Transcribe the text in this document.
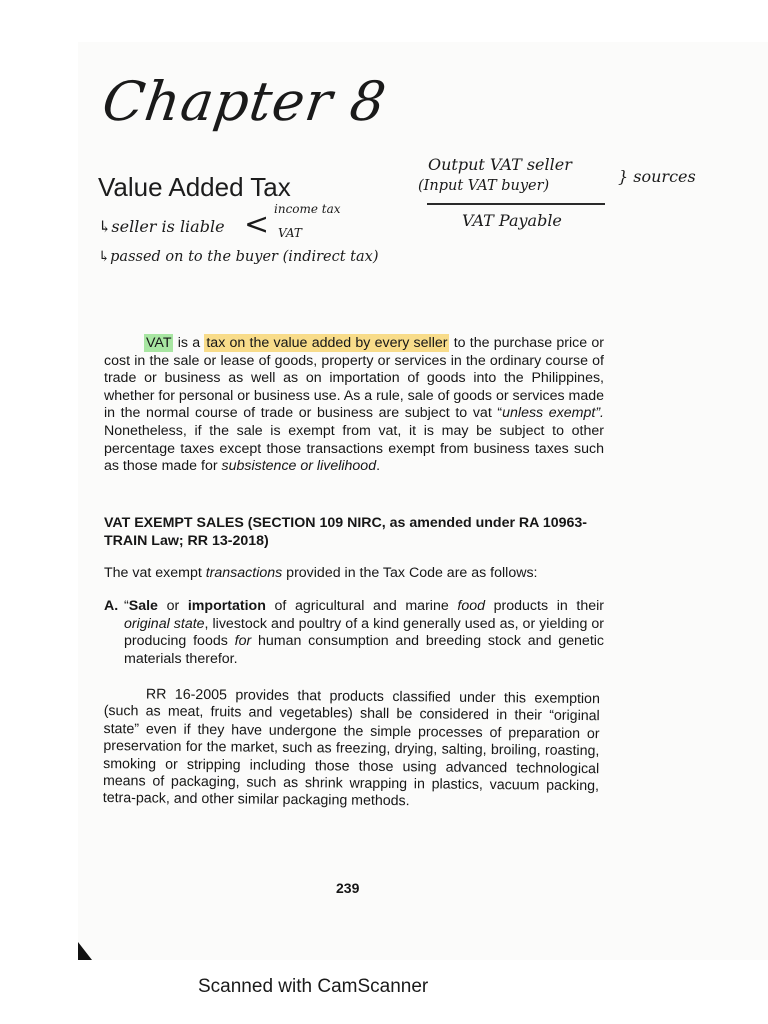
Chapter 8
Value Added Tax
↳seller is liable < income tax
VAT
↳passed on to the buyer (indirect tax)
Output VAT seller
(Input VAT buyer)	} sources
VAT Payable

VAT is a tax on the value added by every seller to the purchase price or cost in the sale or lease of goods, property or services in the ordinary course of trade or business as well as on importation of goods into the Philippines, whether for personal or business use. As a rule, sale of goods or services made in the normal course of trade or business are subject to vat “unless exempt”. Nonetheless, if the sale is exempt from vat, it is may be subject to other percentage taxes except those transactions exempt from business taxes such as those made for subsistence or livelihood.

VAT EXEMPT SALES (SECTION 109 NIRC, as amended under RA 10963-TRAIN Law; RR 13-2018)
The vat exempt transactions provided in the Tax Code are as follows:
A. “Sale or importation of agricultural and marine food products in their original state, livestock and poultry of a kind generally used as, or yielding or producing foods for human consumption and breeding stock and genetic materials therefor.

RR 16-2005 provides that products classified under this exemption (such as meat, fruits and vegetables) shall be considered in their “original state” even if they have undergone the simple processes of preparation or preservation for the market, such as freezing, drying, salting, broiling, roasting, smoking or stripping including those those using advanced technological means of packaging, such as shrink wrapping in plastics, vacuum packing, tetra-pack, and other similar packaging methods.

239
Scanned with CamScanner
